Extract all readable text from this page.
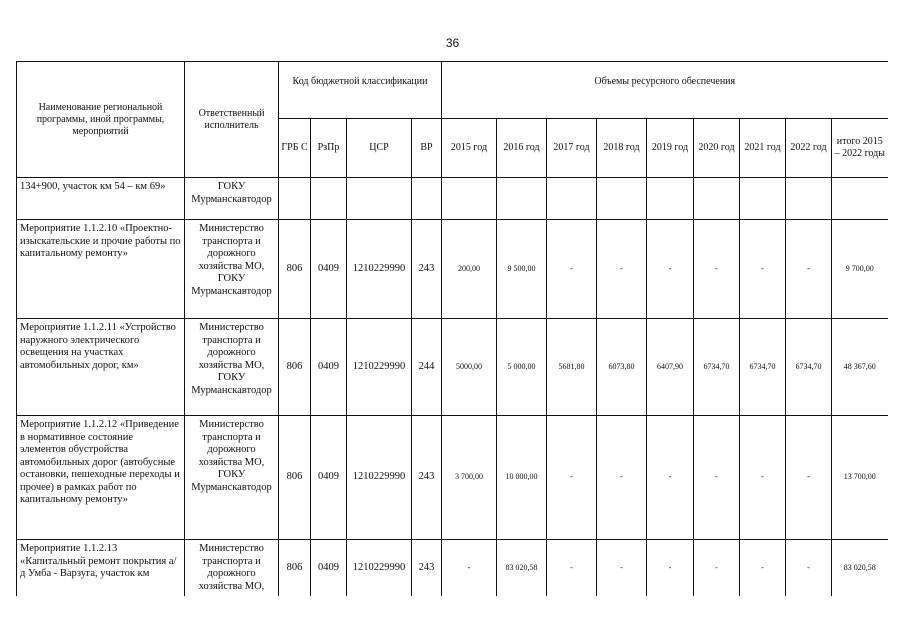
36
Наименование региональной программы, иной программы, мероприятий	Ответственный исполнитель	Код бюджетной классификации				Объемы ресурсного обеспечения								
		ГРБ С	РзПр	ЦСР	ВР	2015 год	2016 год	2017 год	2018 год	2019 год	2020 год	2021 год	2022 год	итого 2015 – 2022 годы
134+900, участок км 54 – км 69»	ГОКУ Мурманскавтодор													
Мероприятие 1.1.2.10 «Проектно-изыскательские и прочие работы по капитальному ремонту»	Министерство транспорта и дорожного хозяйства МО, ГОКУ Мурманскавтодор	806	0409	1210229990	243	200,00	9 500,00	-	-	-	-	-	-	9 700,00
Мероприятие 1.1.2.11 «Устройство наружного электрического освещения на участках автомобильных дорог, км»	Министерство транспорта и дорожного хозяйства МО, ГОКУ Мурманскавтодор	806	0409	1210229990	244	5000,00	5 000,00	5681,80	6073,80	6407,90	6734,70	6734,70	6734,70	48 367,60
Мероприятие 1.1.2.12 «Приведение в нормативное состояние элементов обустройства автомобильных дорог (автобусные остановки, пешеходные переходы и прочее) в рамках работ по капитальному ремонту»	Министерство транспорта и дорожного хозяйства МО, ГОКУ Мурманскавтодор	806	0409	1210229990	243	3 700,00	10 000,00	-	-	-	-	-	-	13 700,00
Мероприятие 1.1.2.13 «Капитальный ремонт покрытия а/д Умба - Варзуга, участок км	Министерство транспорта и дорожного хозяйства МО,	806	0409	1210229990	243	-	83 020,58	-	-	-	-	-	-	83 020,58
